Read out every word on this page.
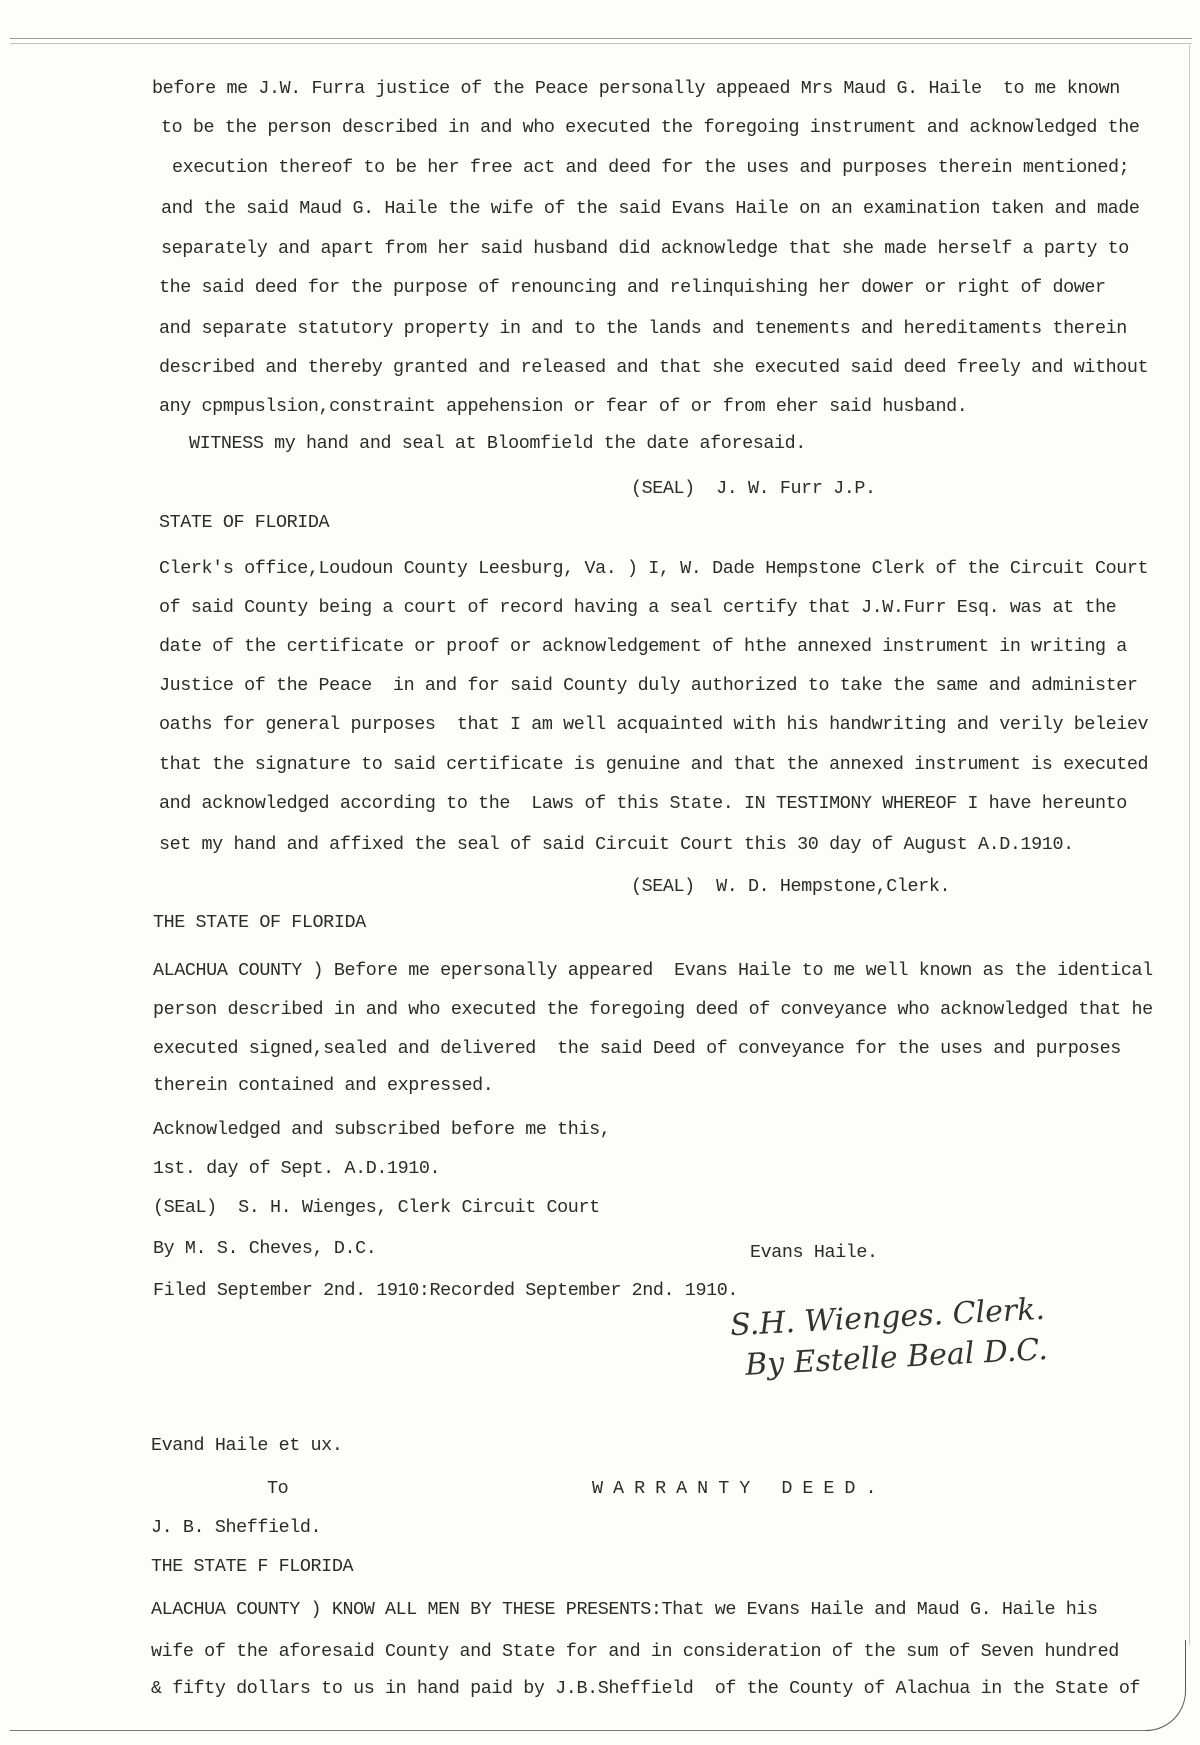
before me J.W. Furra justice of the Peace personally appeaed Mrs Maud G. Haile  to me known
to be the person described in and who executed the foregoing instrument and acknowledged the
execution thereof to be her free act and deed for the uses and purposes therein mentioned;
and the said Maud G. Haile the wife of the said Evans Haile on an examination taken and made
separately and apart from her said husband did acknowledge that she made herself a party to
the said deed for the purpose of renouncing and relinquishing her dower or right of dower
and separate statutory property in and to the lands and tenements and hereditaments therein
described and thereby granted and released and that she executed said deed freely and without
any cpmpuslsion,constraint appehension or fear of or from eher said husband.
WITNESS my hand and seal at Bloomfield the date aforesaid.
(SEAL)  J. W. Furr J.P.
STATE OF FLORIDA
Clerk's office,Loudoun County Leesburg, Va. ) I, W. Dade Hempstone Clerk of the Circuit Court
of said County being a court of record having a seal certify that J.W.Furr Esq. was at the
date of the certificate or proof or acknowledgement of hthe annexed instrument in writing a
Justice of the Peace  in and for said County duly authorized to take the same and administer
oaths for general purposes  that I am well acquainted with his handwriting and verily beleiev
that the signature to said certificate is genuine and that the annexed instrument is executed
and acknowledged according to the  Laws of this State. IN TESTIMONY WHEREOF I have hereunto
set my hand and affixed the seal of said Circuit Court this 30 day of August A.D.1910.
(SEAL)  W. D. Hempstone,Clerk.
THE STATE OF FLORIDA
ALACHUA COUNTY ) Before me epersonally appeared  Evans Haile to me well known as the identical
person described in and who executed the foregoing deed of conveyance who acknowledged that he
executed signed,sealed and delivered  the said Deed of conveyance for the uses and purposes
therein contained and expressed.
Acknowledged and subscribed before me this,
1st. day of Sept. A.D.1910.
(SEaL)  S. H. Wienges, Clerk Circuit Court
By M. S. Cheves, D.C.
Filed September 2nd. 1910:Recorded September 2nd. 1910.
Evans Haile.
S.H. Wienges. Clerk.
By Estelle Beal D.C.
Evand Haile et ux.
To	WARRANTY DEED.
J. B. Sheffield.
THE STATE F FLORIDA
ALACHUA COUNTY ) KNOW ALL MEN BY THESE PRESENTS:That we Evans Haile and Maud G. Haile his
wife of the aforesaid County and State for and in consideration of the sum of Seven hundred
& fifty dollars to us in hand paid by J.B.Sheffield  of the County of Alachua in the State of
